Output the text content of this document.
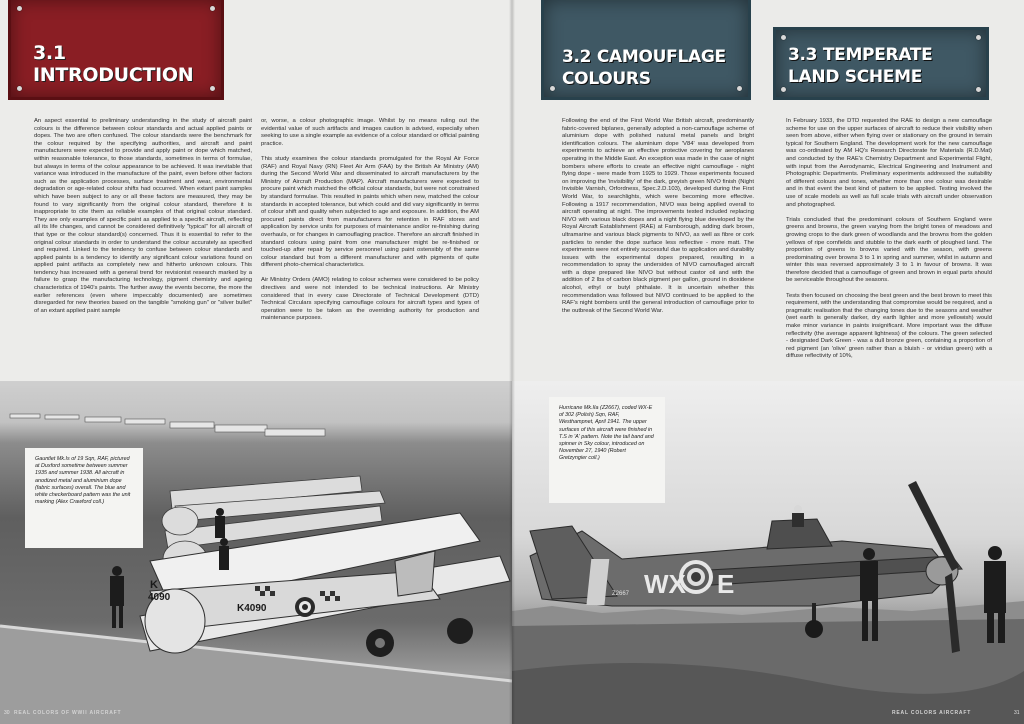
3.1 INTRODUCTION

An aspect essential to preliminary understanding in the study of aircraft paint colours is the difference between colour standards and actual applied paints or dopes. The two are often confused. The colour standards were the benchmark for the colour required by the specifying authorities, and aircraft and paint manufacturers were expected to provide and apply paint or dope which matched, within reasonable tolerance, to those standards, sometimes in terms of formulae, but always in terms of the colour appearance to be achieved. It was inevitable that variance was introduced in the manufacture of the paint, even before other factors such as the application processes, surface treatment and wear, environmental degradation or age-related colour shifts had occurred. When extant paint samples which have been subject to any or all these factors are measured, they may be found to vary significantly from the original colour standard, therefore it is inappropriate to cite them as reliable examples of that original colour standard. They are only examples of specific paint as applied to a specific aircraft, reflecting all its life changes, and cannot be considered definitively "typical" for all aircraft of that type or the colour standard(s) concerned. Thus it is essential to refer to the original colour standards in order to understand the colour accurately as specified and required. Linked to the tendency to confuse between colour standards and applied paints is a tendency to identify any significant colour variations found on applied paint artifacts as completely new and hitherto unknown colours. This tendency has increased with a general trend for revisionist research marked by a failure to grasp the manufacturing technology, pigment chemistry and ageing characteristics of 1940's paints. The further away the events become, the more the earlier references (even where impeccably documented) are sometimes disregarded for new theories based on the tangible "smoking gun" or "silver bullet" of an extant applied paint sample

or, worse, a colour photographic image. Whilst by no means ruling out the evidential value of such artifacts and images caution is advised, especially when seeking to use a single example as evidence of a colour standard or official painting practice.

This study examines the colour standards promulgated for the Royal Air Force (RAF) and Royal Navy (RN) Fleet Air Arm (FAA) by the British Air Ministry (AM) during the Second World War and disseminated to aircraft manufacturers by the Ministry of Aircraft Production (MAP). Aircraft manufacturers were expected to procure paint which matched the official colour standards, but were not constrained by standard formulae. This resulted in paints which when new, matched the colour standards in accepted tolerance, but which could and did vary significantly in terms of colour shift and quality when subjected to age and exposure. In addition, the AM procured paints direct from manufacturers for retention in RAF stores and application by service units for purposes of maintenance and/or re-finishing during overhauls, or for changes in camouflaging practice. Therefore an aircraft finished in standard colours using paint from one manufacturer might be re-finished or touched-up after repair by service personnel using paint ostensibly of the same colour standard but from a different manufacturer and with pigments of quite different photo-chemical characteristics.

Air Ministry Orders (AMO) relating to colour schemes were considered to be policy directives and were not intended to be technical instructions. Air Ministry considered that in every case Directorate of Technical Development (DTD) Technical Circulars specifying camouflage colours for aircraft types and types of operation were to be taken as the overriding authority for production and maintenance purposes.

K
4090
K4090
Gauntlet Mk.Is of 19 Sqn, RAF, pictured at Duxford sometime between summer 1935 and summer 1938. All aircraft in anodized metal and aluminium dope (fabric surfaces) overall. The blue and white checkerboard pattern was the unit marking (Alex Crawford coll.)
30 REAL COLORS OF WWII AIRCRAFT

Following the end of the First World War British aircraft, predominantly fabric-covered biplanes, generally adopted a non-camouflage scheme of aluminium dope with polished natural metal panels and bright identification colours. The aluminium dope 'V84' was developed from experiments to achieve an effective protective covering for aeroplanes operating in the Middle East. An exception was made in the case of night bombers where efforts to create an effective night camouflage - night flying dope - were made from 1925 to 1929. Those experiments focused on improving the 'invisibility' of the dark, greyish green NIVO finish (Night Invisible Varnish, Orfordness, Spec.2.D.103), developed during the First World War, to searchlights, which were becoming more effective. Following a 1917 recommendation, NIVO was being applied overall to aircraft operating at night. The improvements tested included replacing NIVO with various black dopes and a night flying blue developed by the Royal Aircraft Establishment (RAE) at Farnborough, adding dark brown, ultramarine and various black pigments to NIVO, as well as fibre or cork particles to render the dope surface less reflective - more matt. The experiments were not entirely successful due to application and durability issues with the experimental dopes prepared, resulting in a recommendation to spray the undersides of NIVO camouflaged aircraft with a dope prepared like NIVO but without castor oil and with the addition of 2 lbs of carbon black pigment per gallon, ground in dioxidene alcohol, ethyl or butyl phthalate. It is uncertain whether this recommendation was followed but NIVO continued to be applied to the RAF's night bombers until the general introduction of camouflage prior to the outbreak of the Second World War.

In February 1933, the DTD requested the RAE to design a new camouflage scheme for use on the upper surfaces of aircraft to reduce their visibility when seen from above, either when flying over or stationary on the ground in terrain typical for Southern England. The development work for the new camouflage was co-ordinated by AM HQ's Research Directorate for Materials (R.D.Mat) and conducted by the RAE's Chemistry Department and Experimental Flight, with input from the Aerodynamic, Electrical Engineering and Instrument and Photographic Departments. Preliminary experiments addressed the suitability of different colours and tones, whether more than one colour was desirable and in that event the best kind of pattern to be applied. Testing involved the use of scale models as well as full scale trials with aircraft under observation and photographed.

Trials concluded that the predominant colours of Southern England were greens and browns, the green varying from the bright tones of meadows and growing crops to the dark green of woodlands and the browns from the golden yellows of ripe cornfields and stubble to the dark earth of ploughed land. The proportion of greens to browns varied with the season, with greens predominating over browns 3 to 1 in spring and summer, whilst in autumn and winter this was reversed approximately 3 to 1 in favour of browns. It was therefore decided that a camouflage of green and brown in equal parts should be serviceable throughout the seasons.

Tests then focused on choosing the best green and the best brown to meet this requirement, with the understanding that compromise would be required, and a pragmatic realisation that the changing tones due to the seasons and weather (wet earth is generally darker, dry earth lighter and more yellowish) would make minor variance in paints insignificant. More important was the diffuse reflectivity (the average apparent lightness) of the colours. The green selected - designated Dark Green - was a dull bronze green, containing a proportion of red pigment (an 'olive' green rather than a bluish - or viridian green) with a diffuse reflectivity of 10%,

WX E
Z2667
3.2 CAMOUFLAGE
COLOURS
3.3 TEMPERATE
LAND SCHEME
Hurricane Mk.IIa (Z2667), coded WX-E of 302 (Polish) Sqn, RAF, Westhampnet, April 1941. The upper surfaces of this aircraft were finished in T.S in 'A' pattern. Note the tail band and spinner in Sky colour, introduced on November 27, 1940 (Robert Gretzyngier coll.)
REAL COLORS AIRCRAFT	31
